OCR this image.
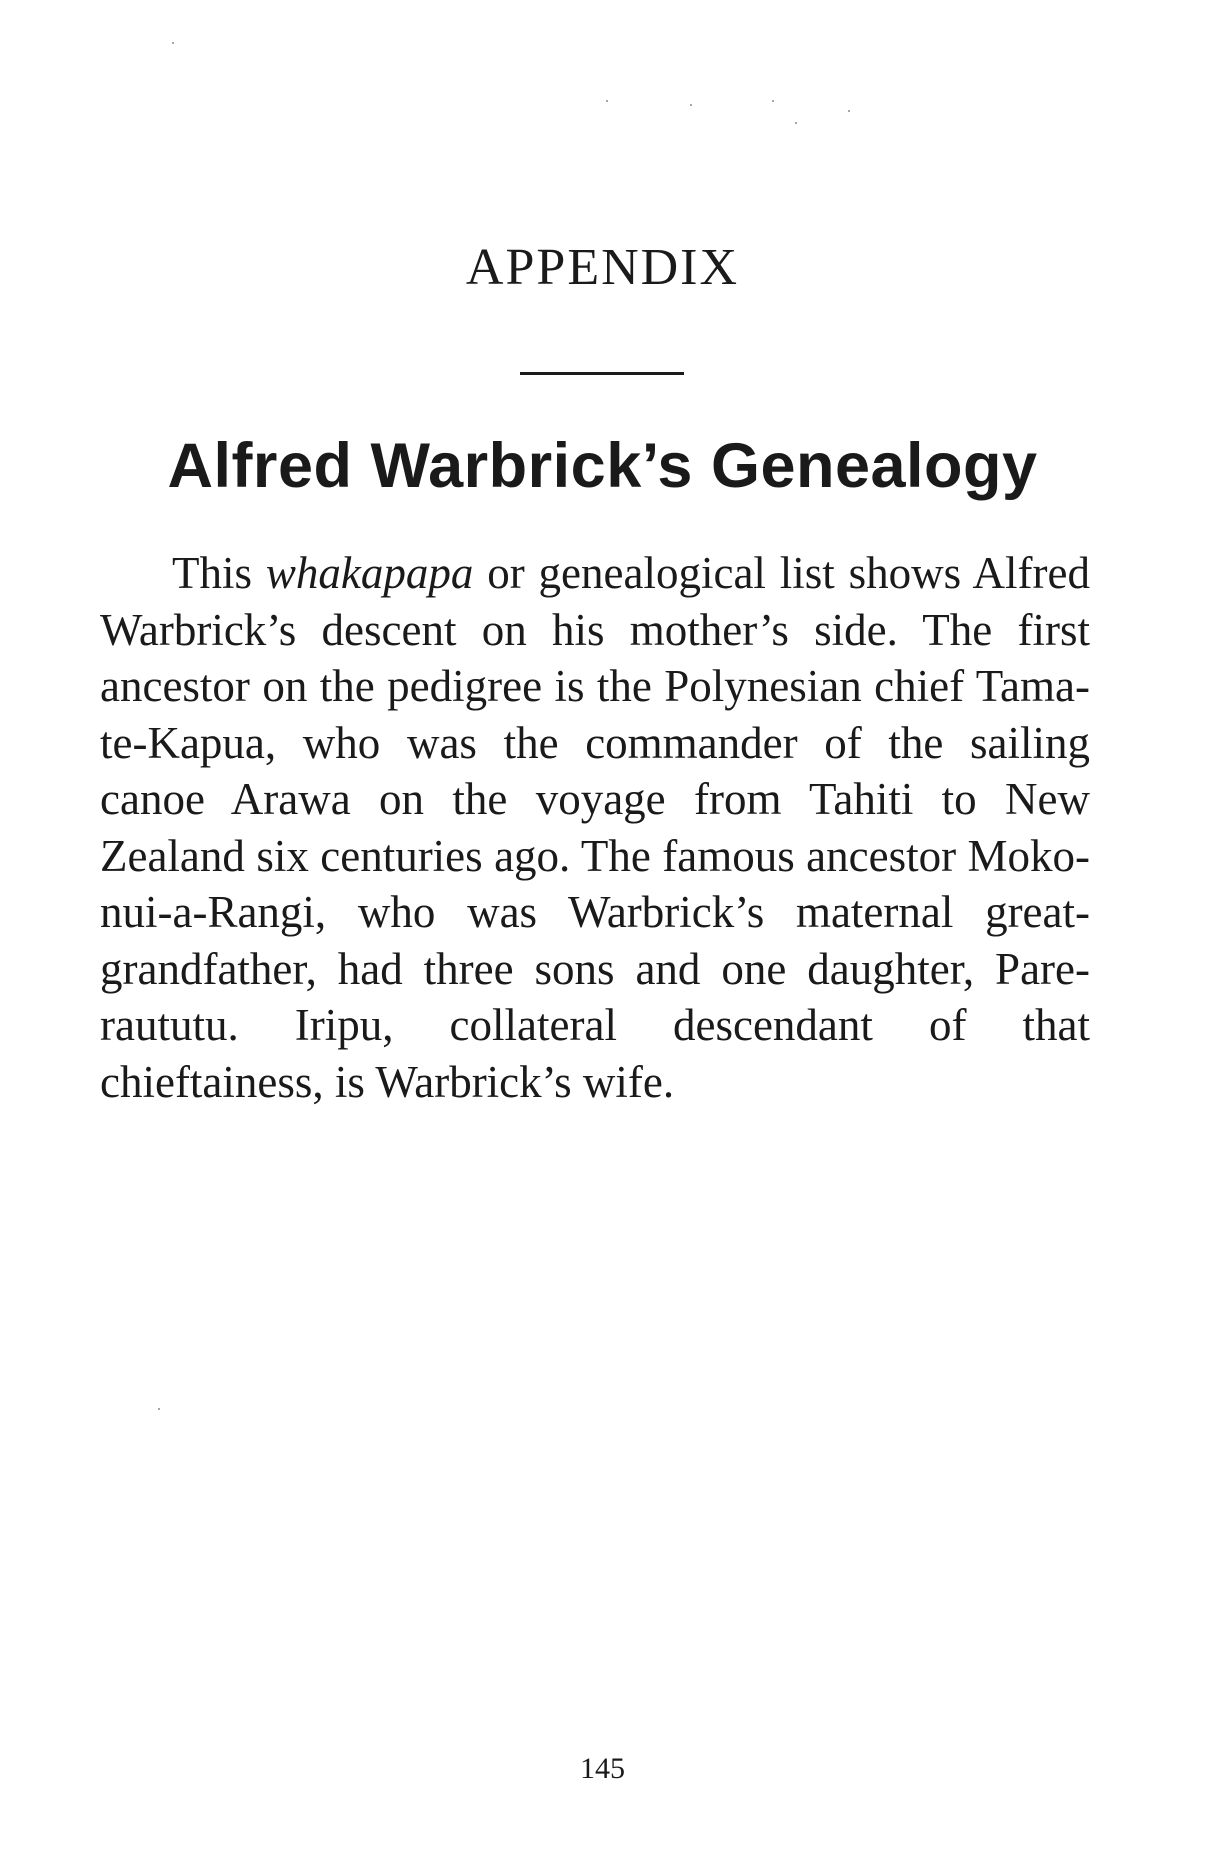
APPENDIX
Alfred Warbrick’s Genealogy

This whakapapa or genealogical list shows Alfred Warbrick’s descent on his mother’s side. The first ancestor on the pedigree is the Polynesian chief Tama-te-Kapua, who was the commander of the sailing canoe Arawa on the voyage from Tahiti to New Zealand six centuries ago. The famous ancestor Moko-nui-a-Rangi, who was Warbrick’s maternal great-grandfather, had three sons and one daughter, Pare-raututu. Iripu, collateral descendant of that chieftainess, is Warbrick’s wife.

145
